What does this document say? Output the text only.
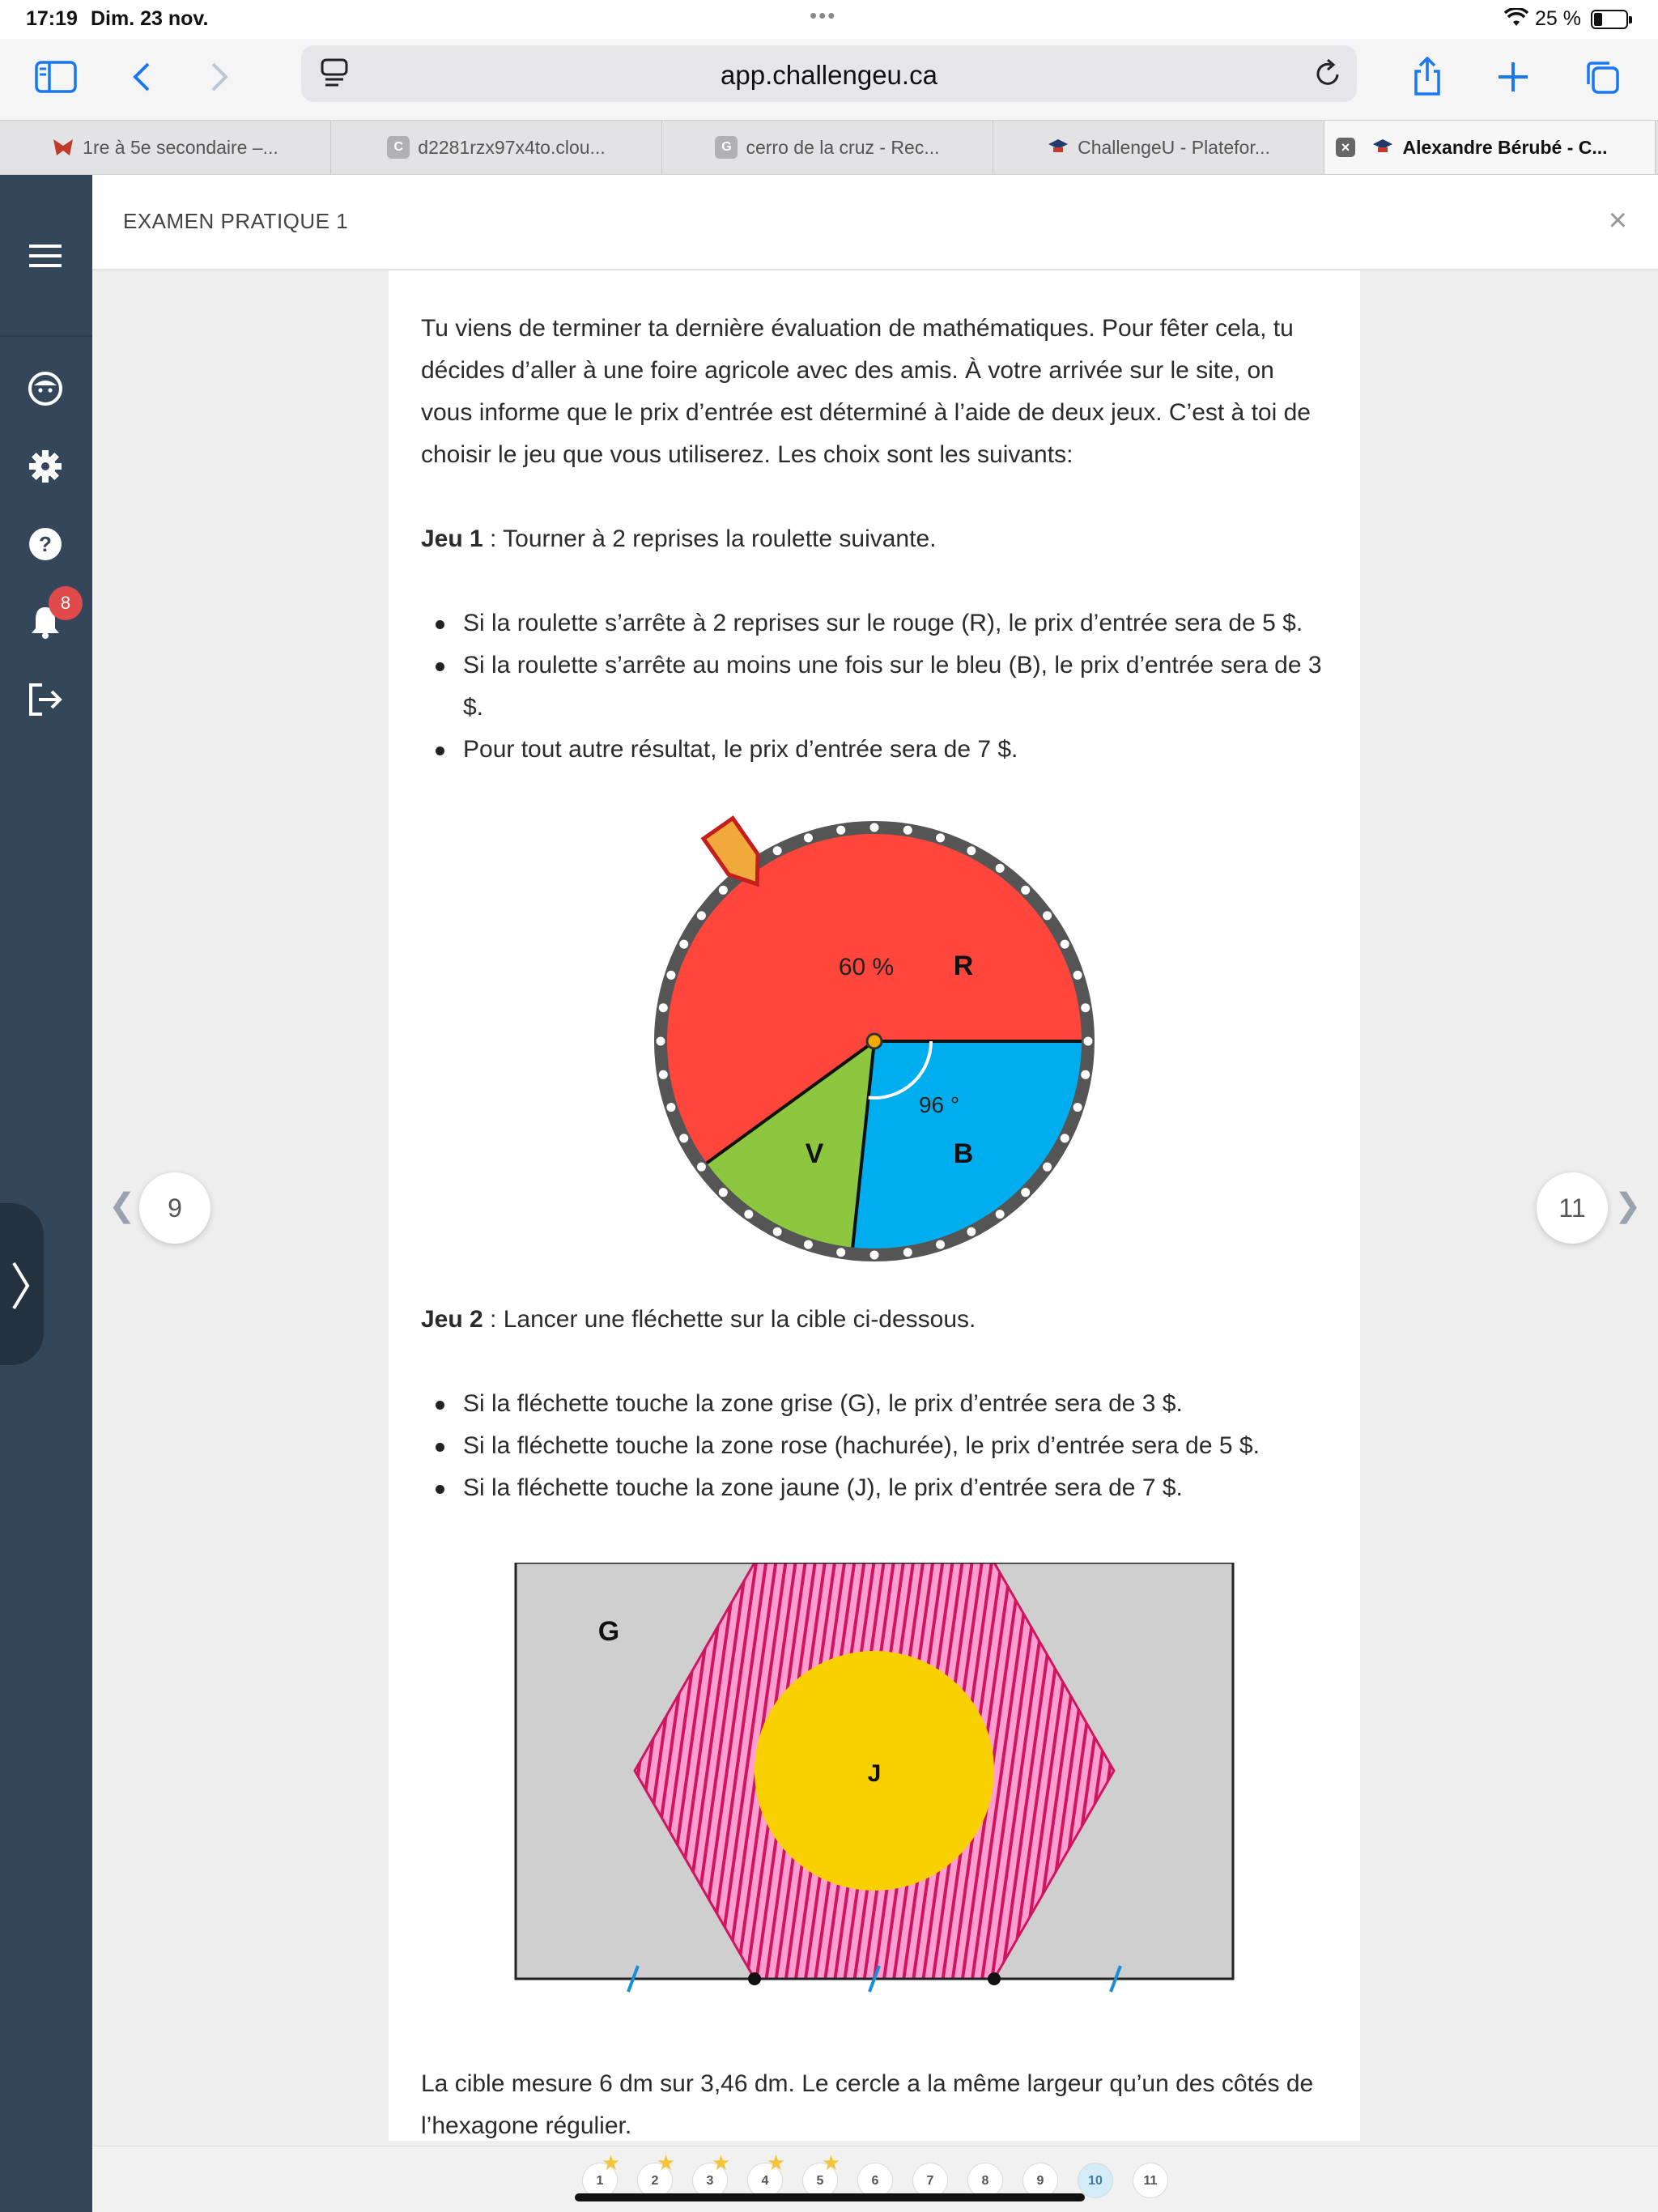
17:19 Dim. 23 nov.	•••	25 %
app.challengeu.ca
1re à 5e secondaire –...	C d2281rzx97x4to.clou...	G cerro de la cruz - Rec...	ChallengeU - Platefor...	×	Alexandre Bérubé - C...
?
8
EXAMEN PRATIQUE 1	×

Tu viens de terminer ta dernière évaluation de mathématiques. Pour fêter cela, tu décides d’aller à une foire agricole avec des amis. À votre arrivée sur le site, on vous informe que le prix d’entrée est déterminé à l’aide de deux jeux. C’est à toi de choisir le jeu que vous utiliserez. Les choix sont les suivants:

Jeu 1 : Tourner à 2 reprises la roulette suivante.

Si la roulette s’arrête à 2 reprises sur le rouge (R), le prix d’entrée sera de 5 $.
Si la roulette s’arrête au moins une fois sur le bleu (B), le prix d’entrée sera de 3 $.
Pour tout autre résultat, le prix d’entrée sera de 7 $.
60 % R
96 °
B
V

Jeu 2 : Lancer une fléchette sur la cible ci-dessous.

Si la fléchette touche la zone grise (G), le prix d’entrée sera de 3 $.
Si la fléchette touche la zone rose (hachurée), le prix d’entrée sera de 5 $.
Si la fléchette touche la zone jaune (J), le prix d’entrée sera de 7 $.
G
J

La cible mesure 6 dm sur 3,46 dm. Le cercle a la même largeur qu’un des côtés de l’hexagone régulier.

❮	9	11 ❯
1
★
2
★
3
★
4
★
5
★
6	7	8	9	10	11
